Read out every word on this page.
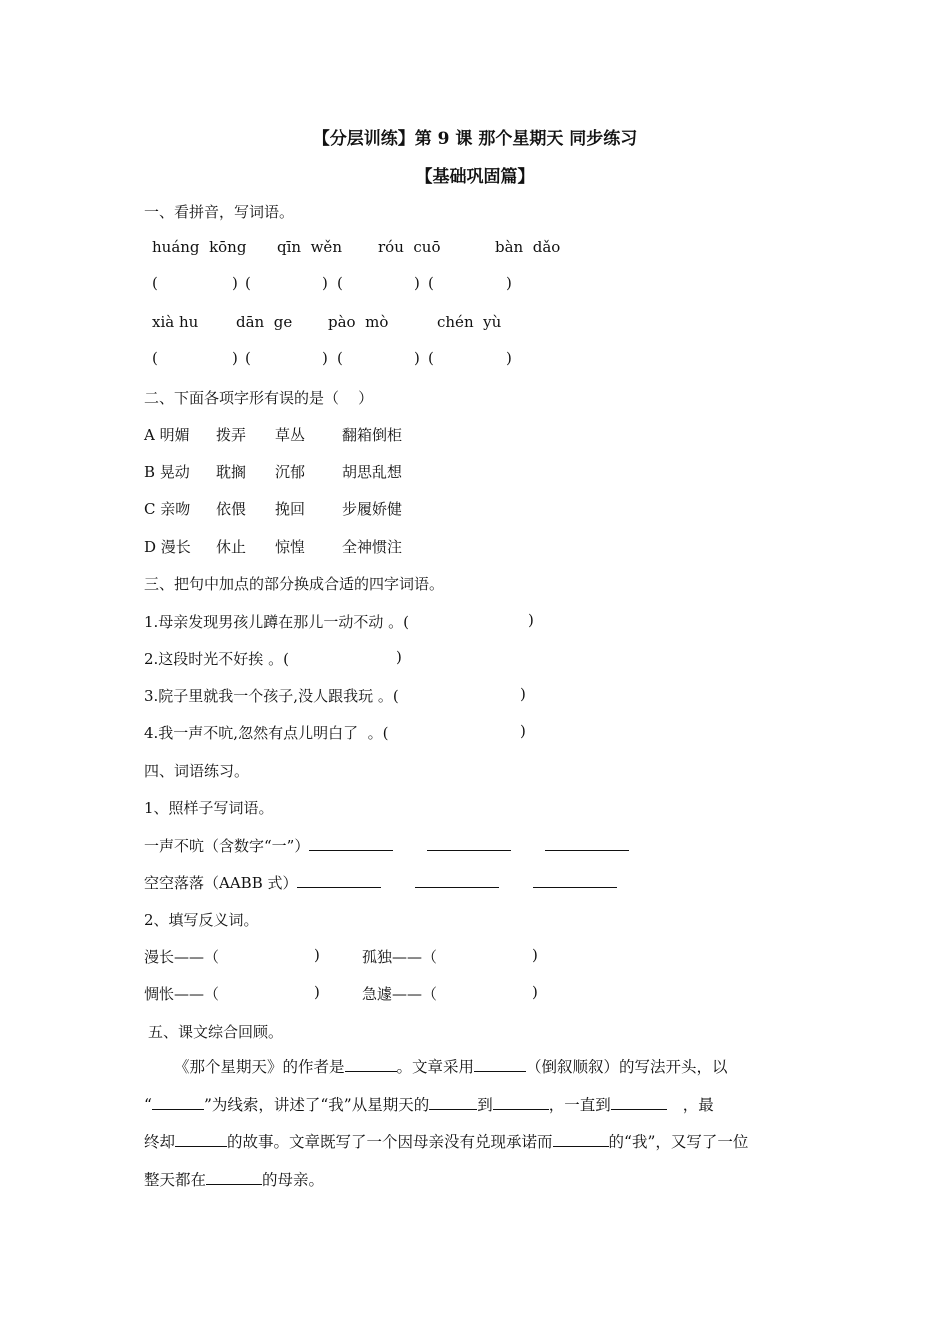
【分层训练】第 9 课 那个星期天 同步练习
【基础巩固篇】
一、看拼音，写词语。
huáng  kōng qīn  wěn róu  cuō	bàn  dǎo
(	) (	) (	) (	)
xià hu	dān  ge pào  mò	chén  yù
(	) (	) (	) (	)
二、下面各项字形有误的是（    ）
A 明媚 拨弄 草丛 翻箱倒柜
B 晃动 耽搁 沉郁 胡思乱想
C 亲吻 依偎 挽回 步履娇健
D 漫长 休止 惊惶 全神惯注
三、把句中加点的部分换成合适的四字词语。
1.母亲发现男孩儿蹲在那儿一动不动 。(	)
2.这段时光不好挨 。(	)
3.院子里就我一个孩子,没人跟我玩 。(	)
4.我一声不吭,忽然有点儿明白了  。(	)
四、词语练习。
1、照样子写词语。
一声不吭（含数字“一”）
空空落落（AABB 式）
2、填写反义词。
漫长——（	)	孤独——（	)
惆怅——（	)	急遽——（	)
五、课文综合回顾。
《那个星期天》的作者是	。文章采用	（倒叙顺叙）的写法开头，以
“	”为线索，讲述了“我”从星期天的	到	，一直到	，最
终却	的故事。文章既写了一个因母亲没有兑现承诺而	的“我”，又写了一位
整天都在	的母亲。
